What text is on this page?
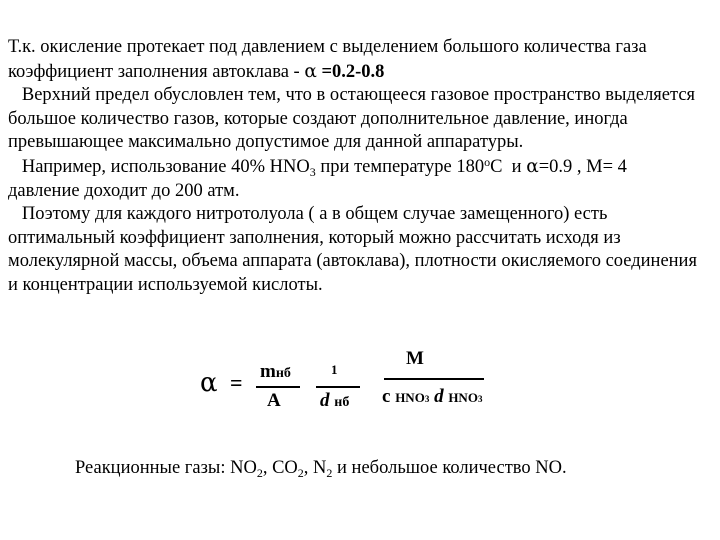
Т.к. окисление протекает под давлением с выделением большого количества газа коэффициент заполнения автоклава - α =0.2-0.8

Верхний предел обусловлен тем, что в остающееся газовое пространство выделяется большое количество газов, которые создают дополнительное давление, иногда превышающее максимально допустимое для данной аппаратуры.

Например, использование 40% $HNO_3$ при температуре $180^оС$  и α=0.9 , М= 4 давление доходит до 200 атм.

Поэтому для каждого нитротолуола ( а в общем случае замещенного) есть оптимальный коэффициент заполнения, который можно рассчитать исходя из молекулярной массы, объема аппарата (автоклава), плотности окисляемого соединения и концентрации используемой кислоты.

α = mнб
A
1
d нб
M
c HNO3 d HNO3
Реакционные газы: $NO_2$, $CO_2$, $N_2$ и небольшое количество NO.
